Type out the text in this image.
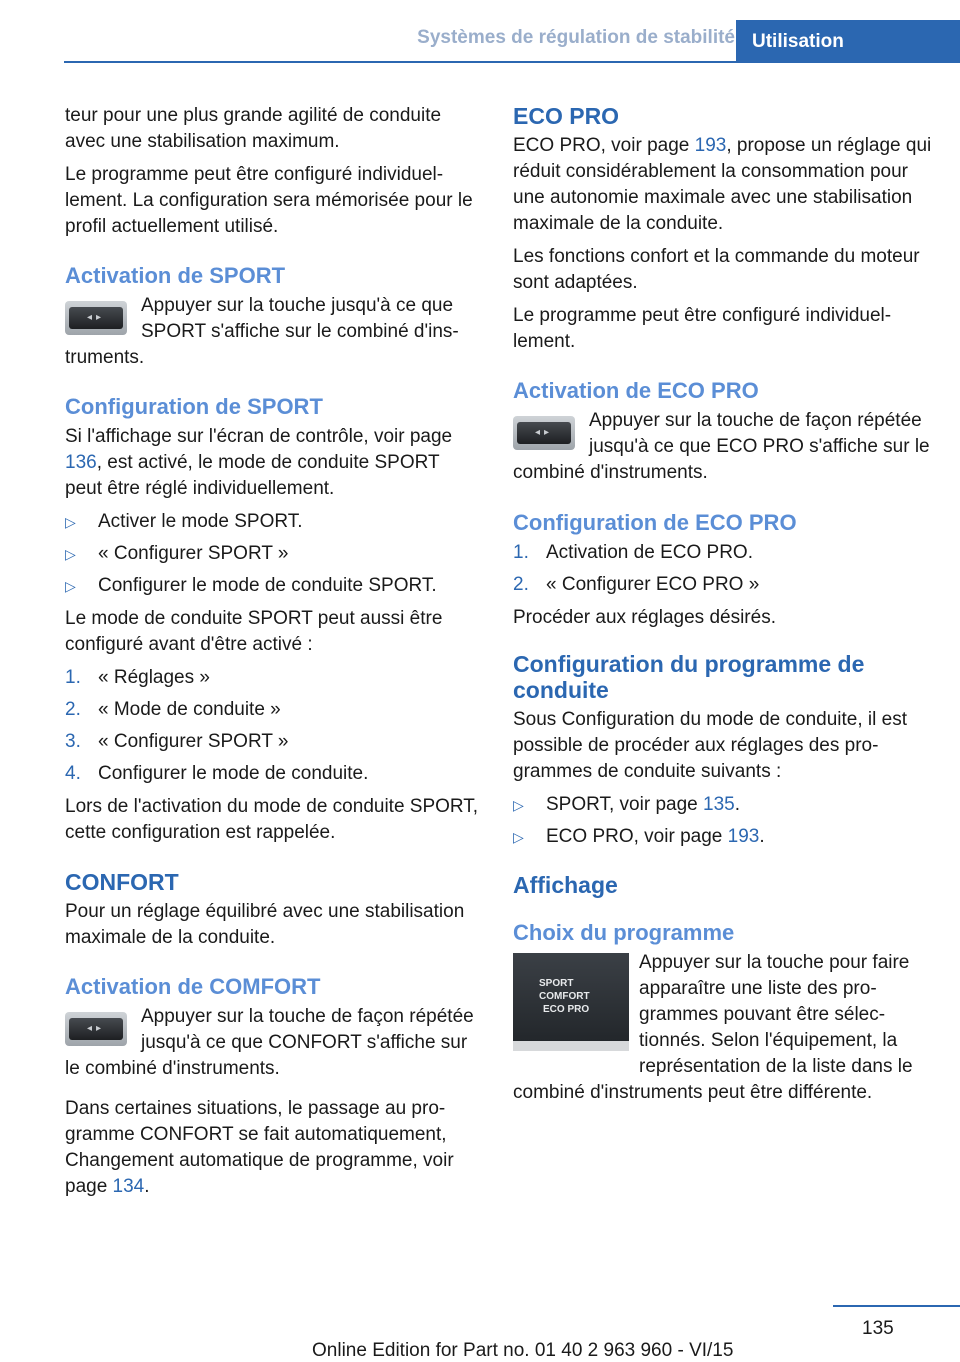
Systèmes de régulation de stabilité Utilisation

teur pour une plus grande agilité de conduite avec une stabilisation maximum.

Le programme peut être configuré individuellement. La configuration sera mémorisée pour le profil actuellement utilisé.

Activation de SPORT
◂▸
Appuyer sur la touche jusqu'à ce que SPORT s'affiche sur le combiné d'instruments.
Configuration de SPORT

Si l'affichage sur l'écran de contrôle, voir page 136, est activé, le mode de conduite SPORT peut être réglé individuellement.

▷ Activer le mode SPORT.
▷ « Configurer SPORT »
▷ Configurer le mode de conduite SPORT.

Le mode de conduite SPORT peut aussi être configuré avant d'être activé :

1. « Réglages »
2. « Mode de conduite »
3. « Configurer SPORT »
4. Configurer le mode de conduite.

Lors de l'activation du mode de conduite SPORT, cette configuration est rappelée.

CONFORT

Pour un réglage équilibré avec une stabilisation maximale de la conduite.

Activation de COMFORT
◂▸
Appuyer sur la touche de façon répétée jusqu'à ce que CONFORT s'affiche sur le combiné d'instruments.

Dans certaines situations, le passage au programme CONFORT se fait automatiquement, Changement automatique de programme, voir page 134.

ECO PRO

ECO PRO, voir page 193, propose un réglage qui réduit considérablement la consommation pour une autonomie maximale avec une stabilisation maximale de la conduite.

Les fonctions confort et la commande du moteur sont adaptées.

Le programme peut être configuré individuellement.

Activation de ECO PRO
◂▸
Appuyer sur la touche de façon répétée jusqu'à ce que ECO PRO s'affiche sur le combiné d'instruments.
Configuration de ECO PRO
1. Activation de ECO PRO.
2. « Configurer ECO PRO »

Procéder aux réglages désirés.

Configuration du programme de conduite

Sous Configuration du mode de conduite, il est possible de procéder aux réglages des programmes de conduite suivants :

▷ SPORT, voir page 135.
▷ ECO PRO, voir page 193.
Affichage
Choix du programme
SPORT
COMFORT
ECO PRO
Appuyer sur la touche pour faire apparaître une liste des programmes pouvant être sélectionnés. Selon l'équipement, la représentation de la liste dans le combiné d'instruments peut être différente.
135
Online Edition for Part no. 01 40 2 963 960 - VI/15
